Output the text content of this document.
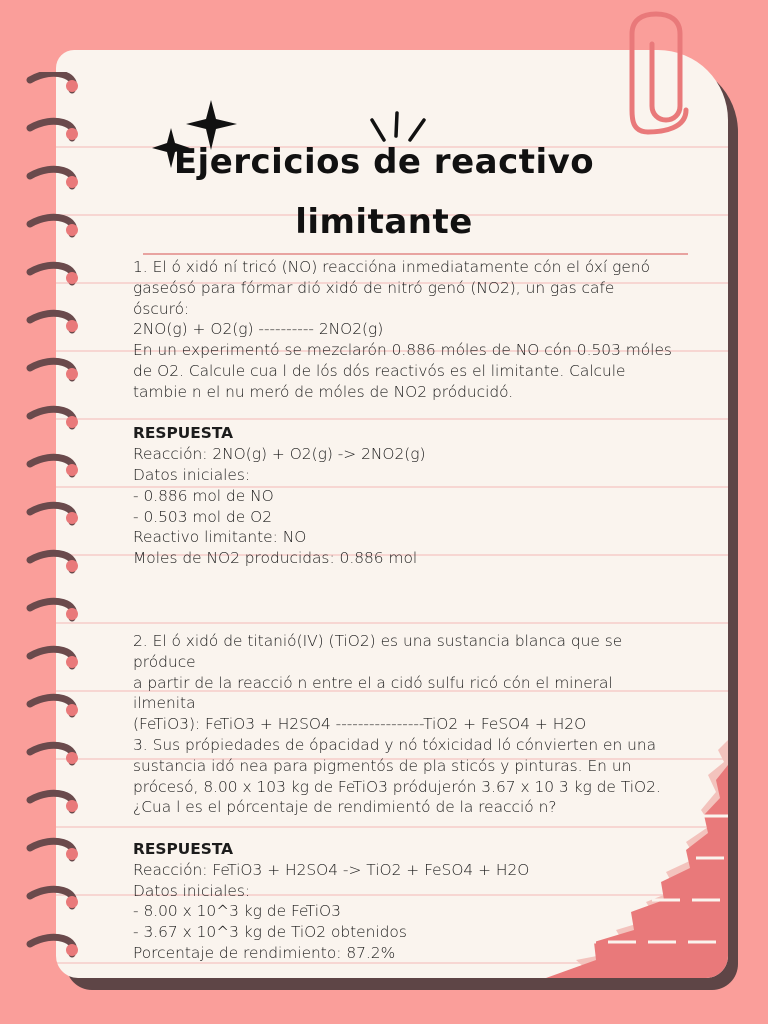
Ejercicios de reactivo
limitante

1. El ó xidó ní tricó (NO) reaccióna inmediatamente cón el óxí genó

gaseósó para fórmar dió xidó de nitró genó (NO2), un gas cafe

óscuró:

2NO(g) + O2(g) ---------- 2NO2(g)

En un experimentó se mezclarón 0.886 móles de NO cón 0.503 móles

de O2. Calcule cua l de lós dós reactivós es el limitante. Calcule

tambie n el nu meró de móles de NO2 próducidó.

RESPUESTA

Reacción: 2NO(g) + O2(g) -> 2NO2(g)

Datos iniciales:

- 0.886 mol de NO

- 0.503 mol de O2

Reactivo limitante: NO

Moles de NO2 producidas: 0.886 mol

2. El ó xidó de titanió(IV) (TiO2) es una sustancia blanca que se

próduce

a partir de la reacció n entre el a cidó sulfu ricó cón el mineral

ilmenita

(FeTiO3): FeTiO3 + H2SO4 ----------------TiO2 + FeSO4 + H2O

3. Sus própiedades de ópacidad y nó tóxicidad ló cónvierten en una

sustancia idó nea para pigmentós de pla sticós y pinturas. En un

prócesó, 8.00 x 103 kg de FeTiO3 pródujerón 3.67 x 10 3 kg de TiO2.

¿Cua l es el pórcentaje de rendimientó de la reacció n?

RESPUESTA

Reacción: FeTiO3 + H2SO4 -> TiO2 + FeSO4 + H2O

Datos iniciales:

- 8.00 x 10^3 kg de FeTiO3

- 3.67 x 10^3 kg de TiO2 obtenidos

Porcentaje de rendimiento: 87.2%
